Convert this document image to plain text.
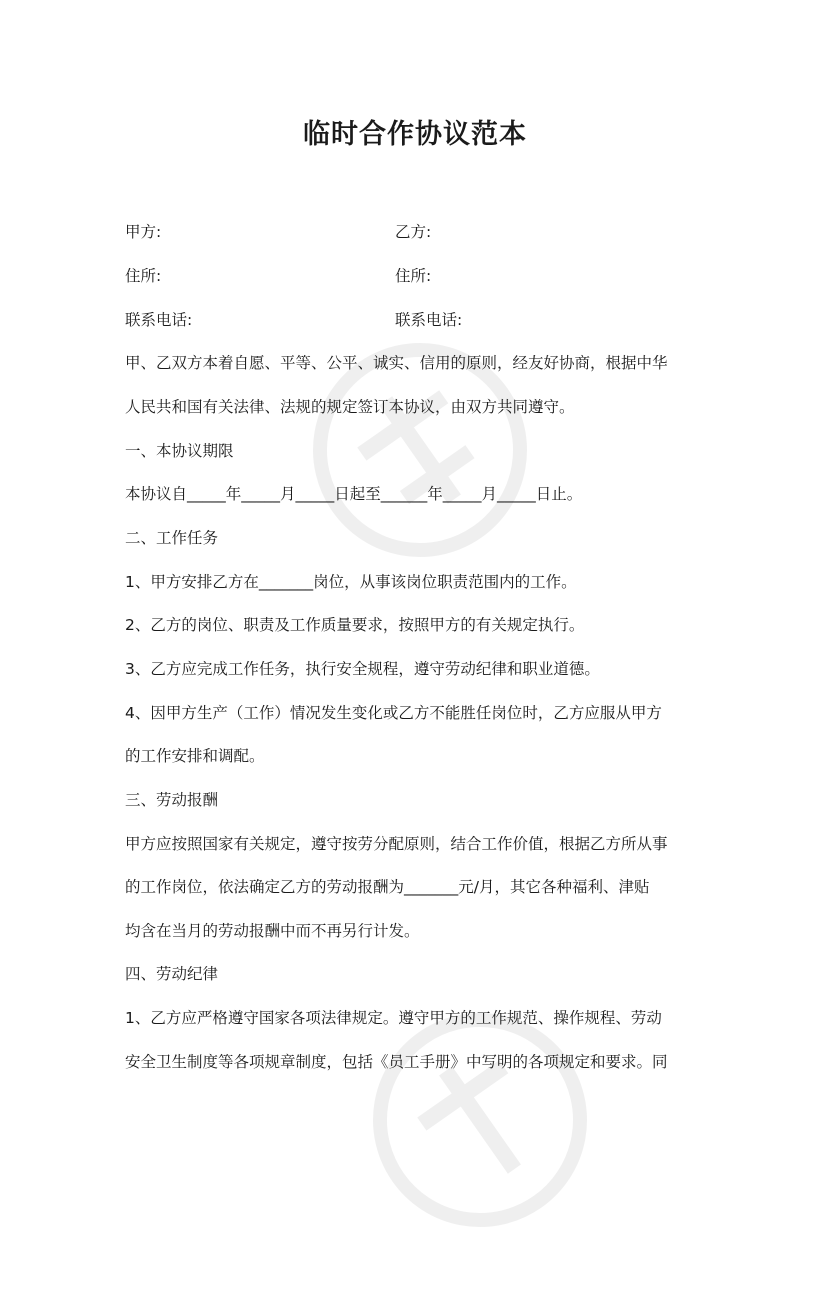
临时合作协议范本
甲方:	乙方:
住所:	住所:
联系电话:	联系电话:
甲、乙双方本着自愿、平等、公平、诚实、信用的原则，经友好协商，根据中华
人民共和国有关法律、法规的规定签订本协议，由双方共同遵守。
一、本协议期限
本协议自_____年_____月_____日起至______年_____月_____日止。
二、工作任务
1、甲方安排乙方在_______岗位，从事该岗位职责范围内的工作。
2、乙方的岗位、职责及工作质量要求，按照甲方的有关规定执行。
3、乙方应完成工作任务，执行安全规程，遵守劳动纪律和职业道德。
4、因甲方生产（工作）情况发生变化或乙方不能胜任岗位时，乙方应服从甲方
的工作安排和调配。
三、劳动报酬
甲方应按照国家有关规定，遵守按劳分配原则，结合工作价值，根据乙方所从事
的工作岗位，依法确定乙方的劳动报酬为_______元/月，其它各种福利、津贴
均含在当月的劳动报酬中而不再另行计发。
四、劳动纪律
1、乙方应严格遵守国家各项法律规定。遵守甲方的工作规范、操作规程、劳动
安全卫生制度等各项规章制度，包括《员工手册》中写明的各项规定和要求。同
